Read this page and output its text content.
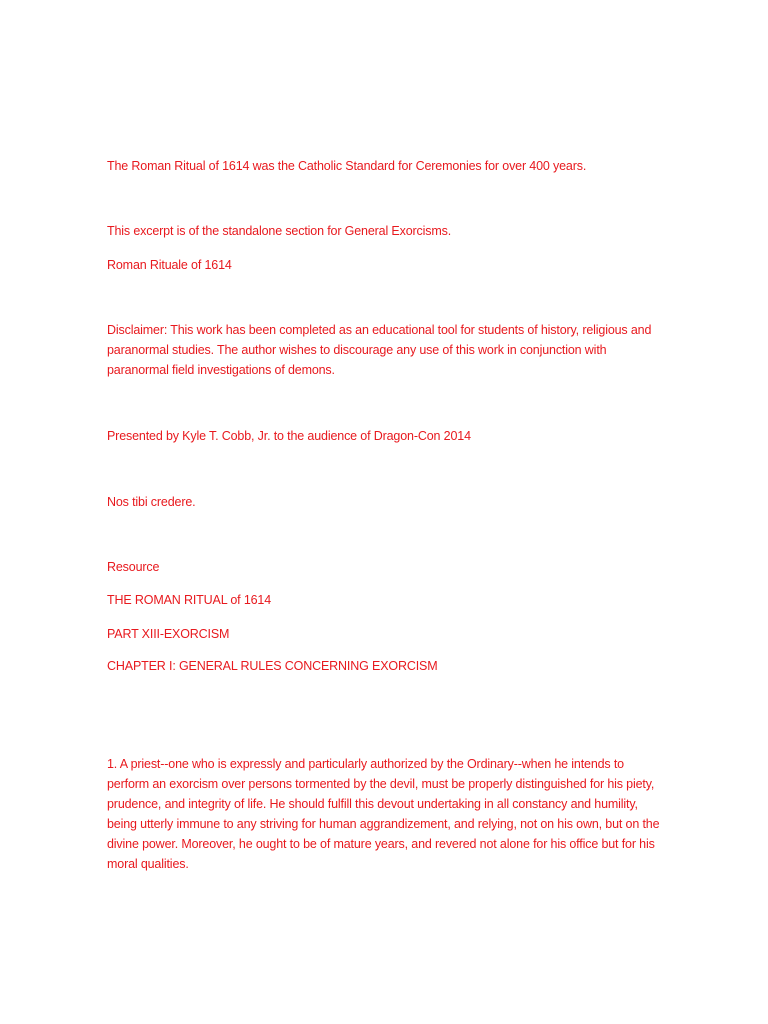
The Roman Ritual of 1614 was the Catholic Standard for Ceremonies for over 400 years.

This excerpt is of the standalone section for General Exorcisms.

Roman Rituale of 1614

Disclaimer: This work has been completed as an educational tool for students of history, religious and paranormal studies. The author wishes to discourage any use of this work in conjunction with paranormal field investigations of demons.

Presented by Kyle T. Cobb, Jr. to the audience of Dragon-Con 2014

Nos tibi credere.

Resource

THE ROMAN RITUAL of 1614

PART XIII-EXORCISM

CHAPTER I: GENERAL RULES CONCERNING EXORCISM

1. A priest--one who is expressly and particularly authorized by the Ordinary--when he intends to perform an exorcism over persons tormented by the devil, must be properly distinguished for his piety, prudence, and integrity of life. He should fulfill this devout undertaking in all constancy and humility, being utterly immune to any striving for human aggrandizement, and relying, not on his own, but on the divine power. Moreover, he ought to be of mature years, and revered not alone for his office but for his moral qualities.
